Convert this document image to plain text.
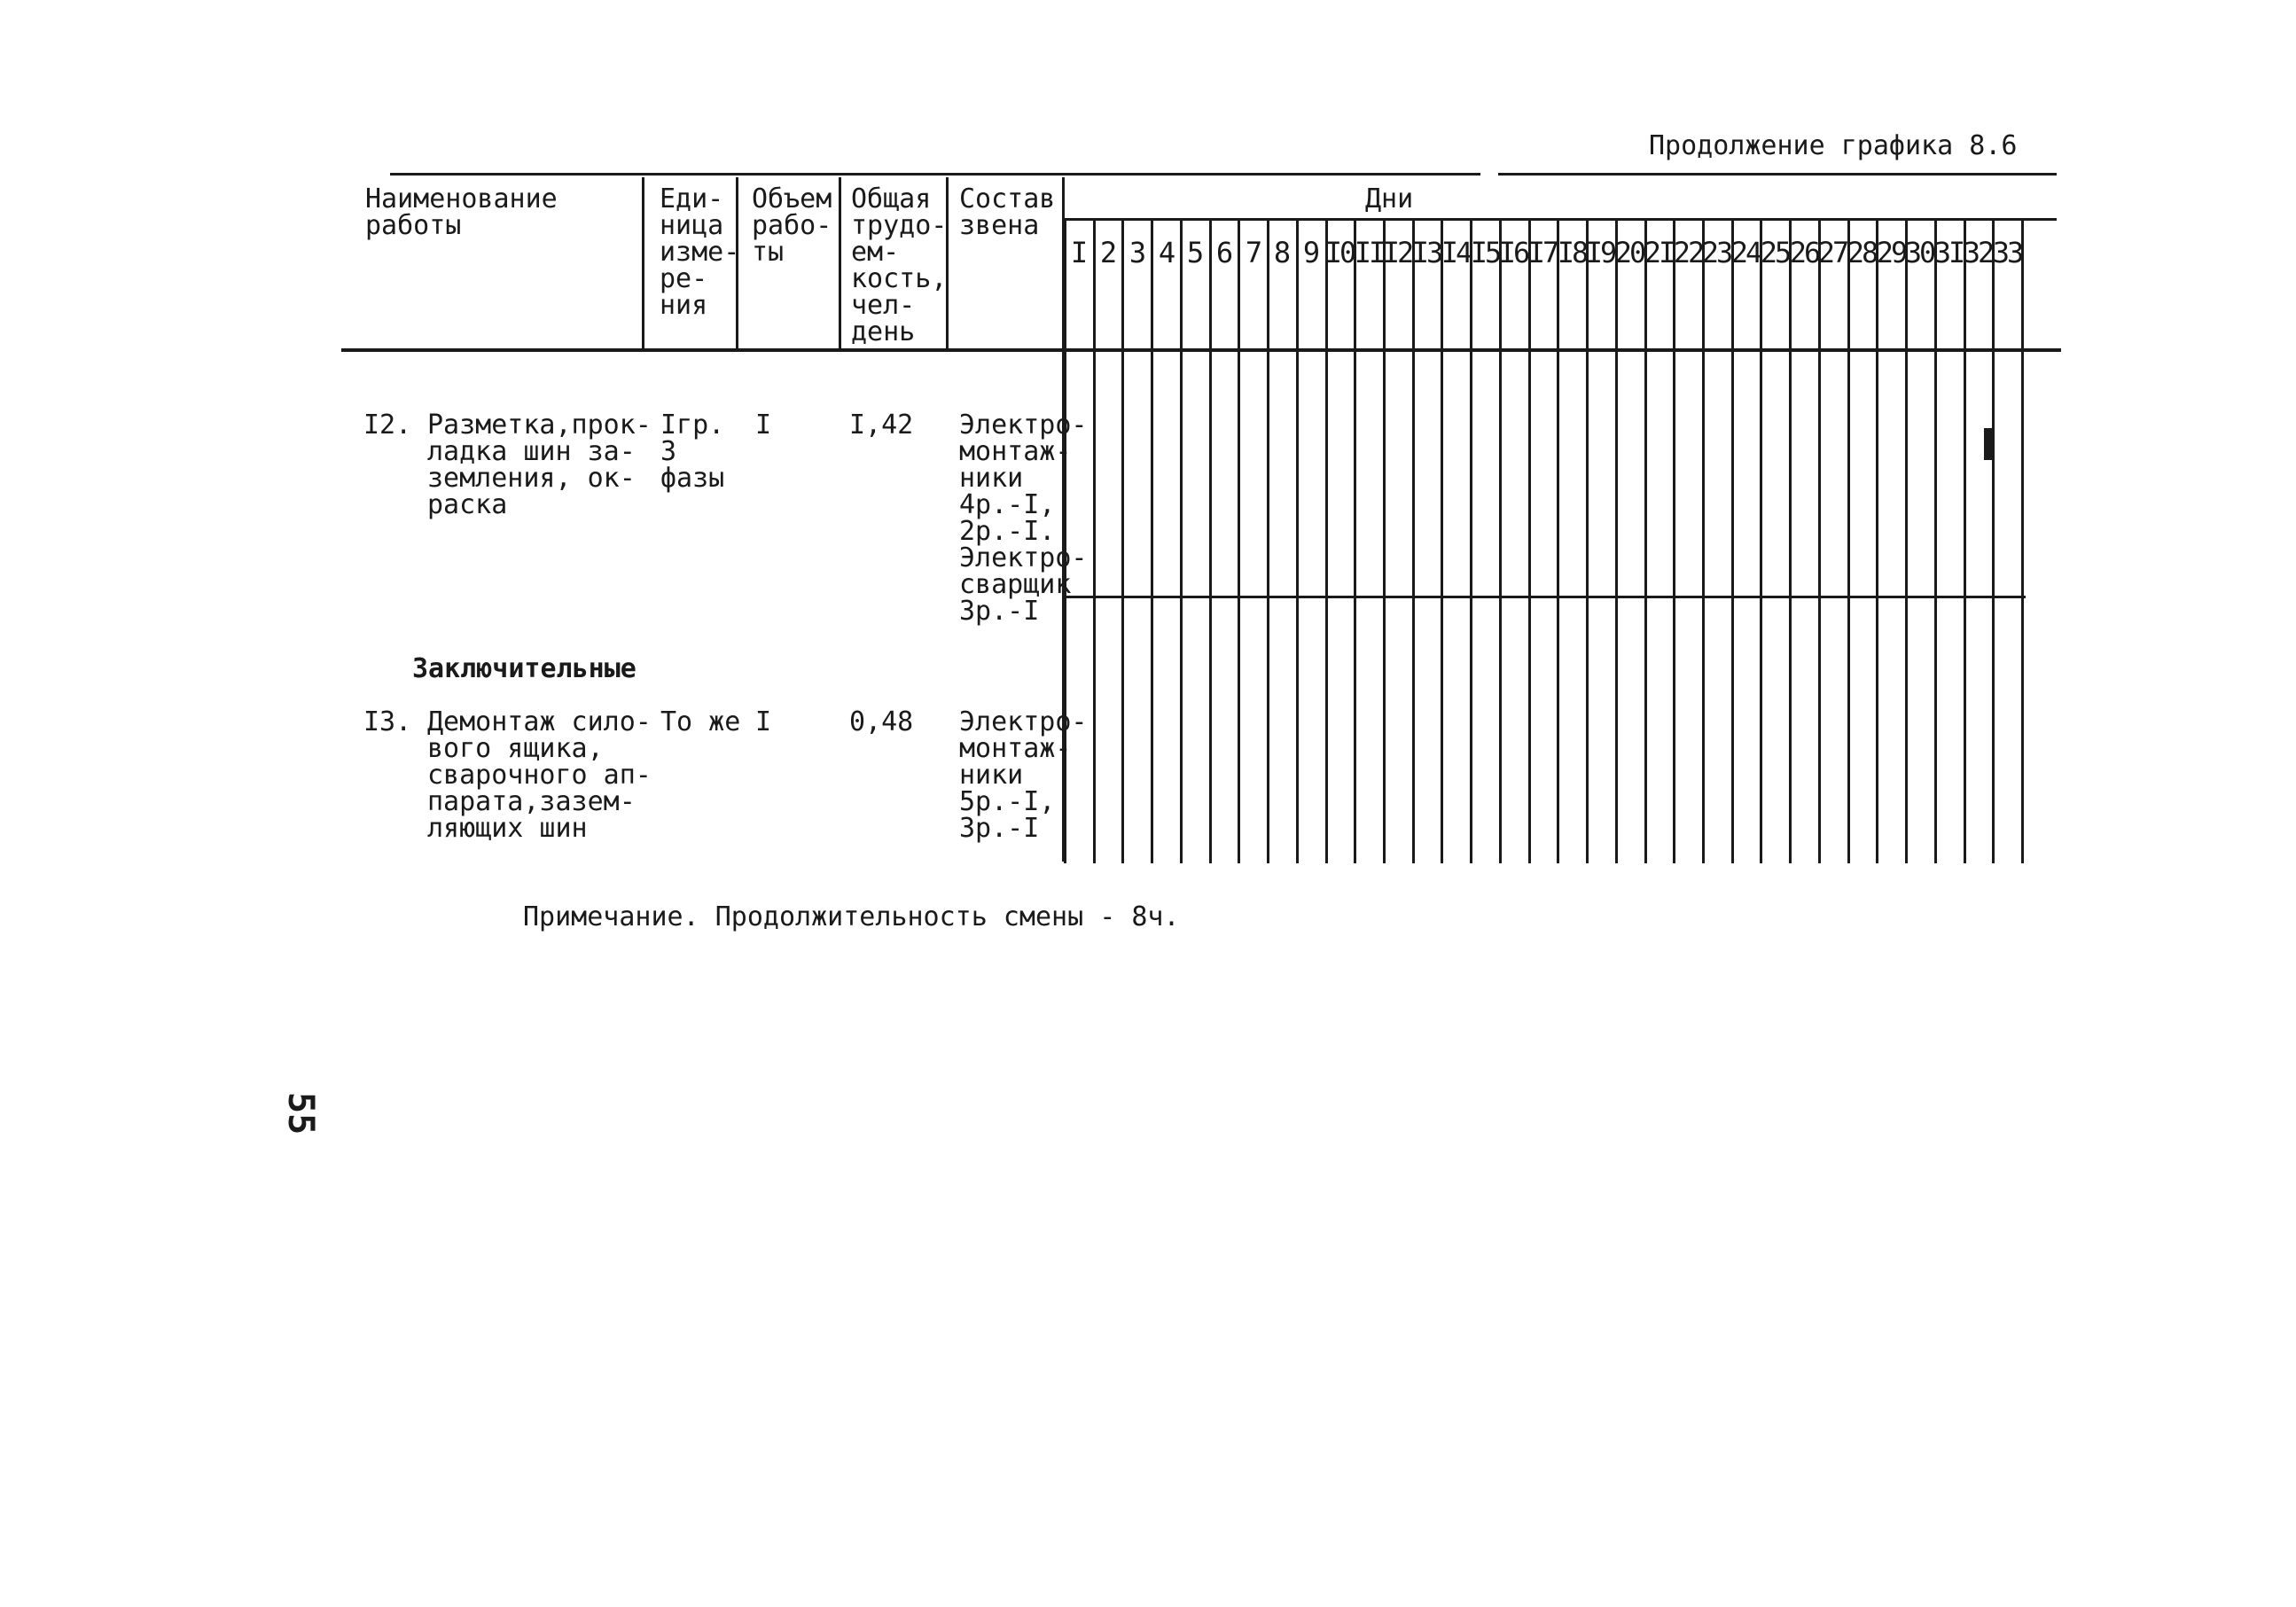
Продолжение графика 8.6
Наименование
работы
Еди-
ница
изме-
ре-
ния
Объем
рабо-
ты
Общая
трудо-
ем-
кость,
чел-
день
Состав
звена
Дни
I 2 3 4 5 6 7 8 9 I0 II I2 I3 I4 I5 I6 I7 I8 I9 20 2I 22 23 24 25 26 27 28 29 30 3I 32 33
I2. Разметка,прок-
ладка шин за-
земления, ок-
раска
Iгр.
3
фазы
I	I,42 Электро-
монтаж-
ники
4р.-I,
2р.-I.
Электро-
сварщик
3р.-I
Заключительные
I3. Демонтаж сило-
вого ящика,
сварочного ап-
парата,зазем-
ляющих шин
То же I	0,48 Электро-
монтаж-
ники
5р.-I,
3р.-I
Примечание. Продолжительность смены - 8ч.
55
